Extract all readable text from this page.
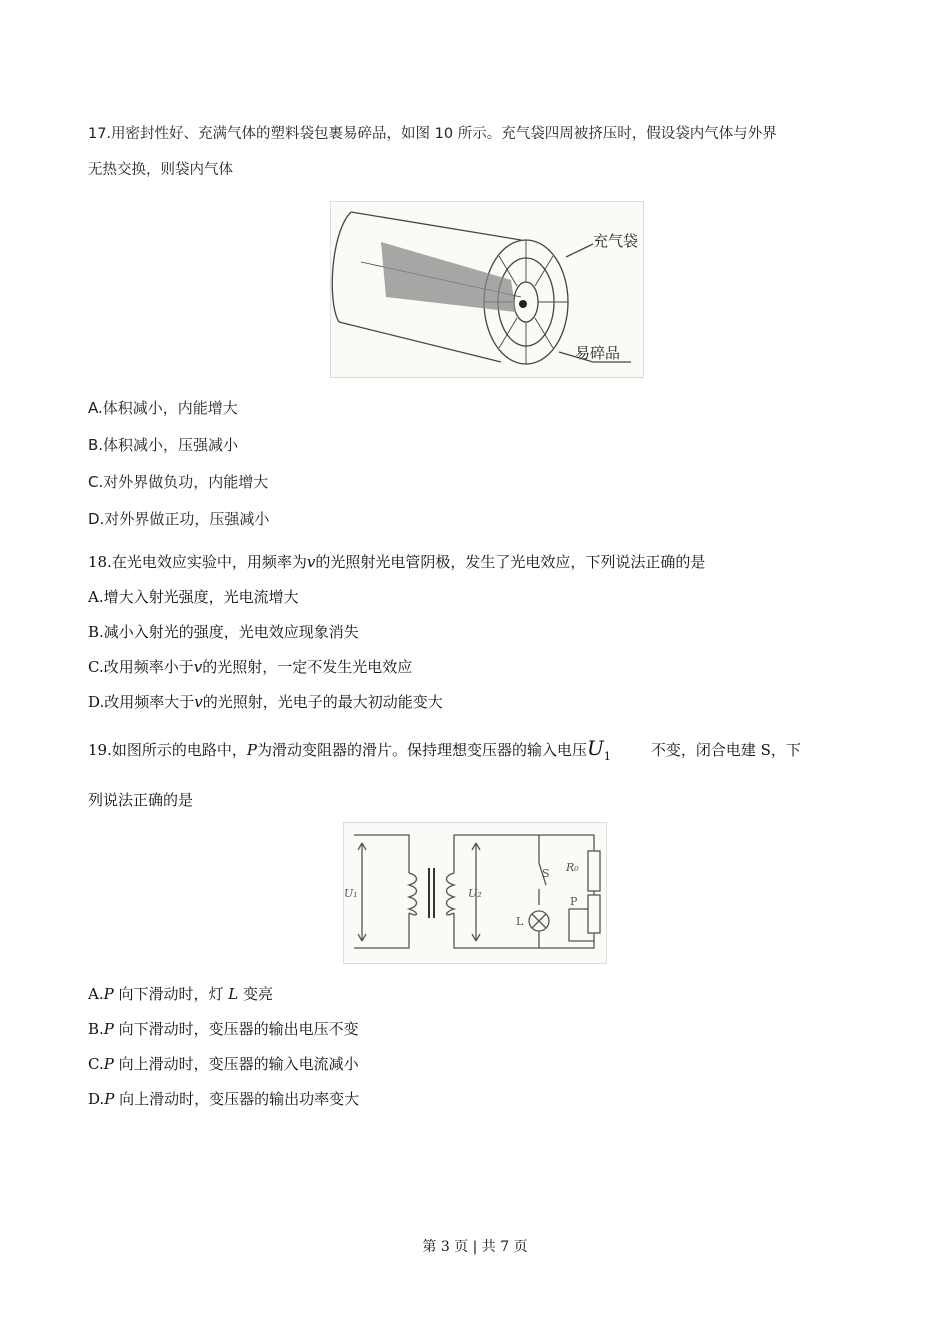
17.用密封性好、充满气体的塑料袋包裹易碎品，如图 10 所示。充气袋四周被挤压时，假设袋内气体与外界
无热交换，则袋内气体
充气袋
易碎品
A.体积减小，内能增大
B.体积减小，压强减小
C.对外界做负功，内能增大
D.对外界做正功，压强减小
18.在光电效应实验中，用频率为v的光照射光电管阴极，发生了光电效应，下列说法正确的是
A.增大入射光强度，光电流增大
B.减小入射光的强度，光电效应现象消失
C.改用频率小于v的光照射，一定不发生光电效应
D.改用频率大于v的光照射，光电子的最大初动能变大
19.如图所示的电路中，P为滑动变阻器的滑片。保持理想变压器的输入电压$U_1$	不变，闭合电建 S，下
列说法正确的是
U₁	U₂
S R₀
P
L
A.P 向下滑动时，灯 L 变亮
B.P 向下滑动时，变压器的输出电压不变
C.P 向上滑动时，变压器的输入电流减小
D.P 向上滑动时，变压器的输出功率变大
第 3 页 | 共 7 页
